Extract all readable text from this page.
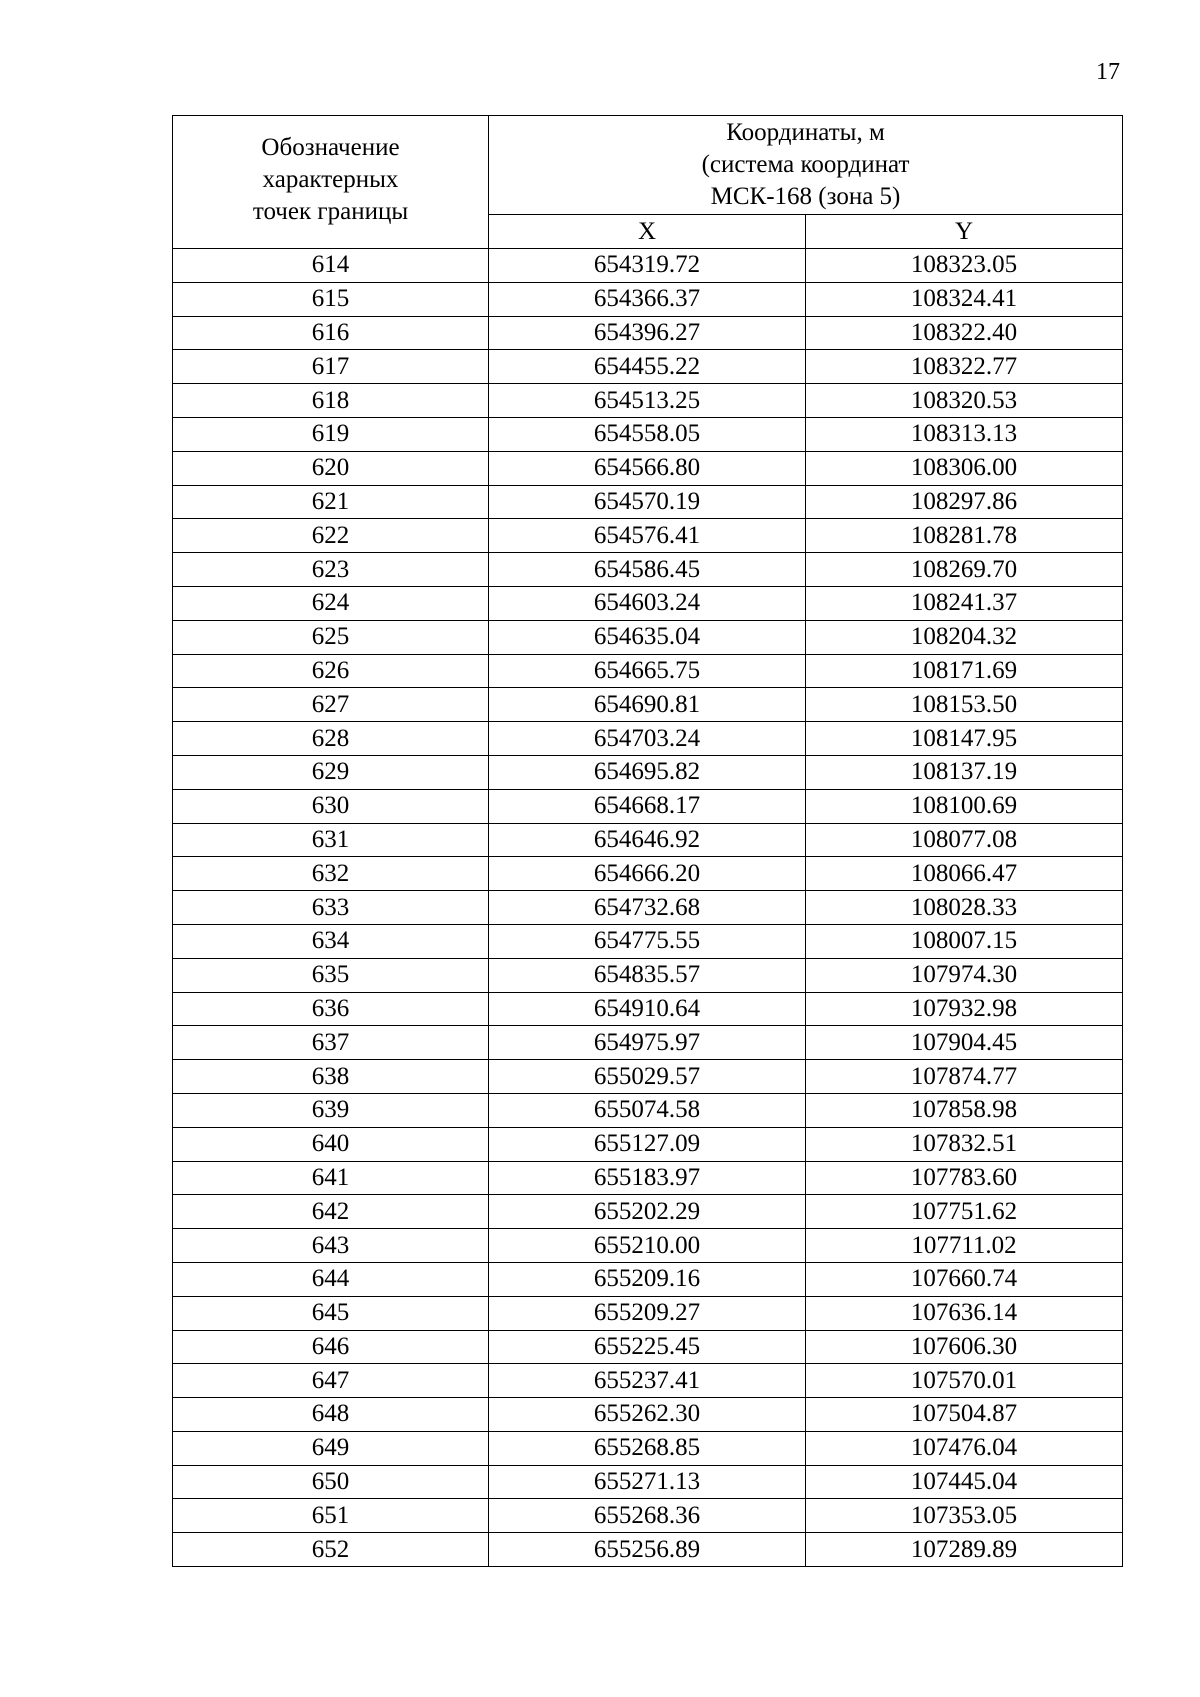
17
Обозначение
характерных
точек границы	Координаты, м
(система координат
МСК-168 (зона 5)	

	X	Y
614	654319.72	108323.05
615	654366.37	108324.41
616	654396.27	108322.40
617	654455.22	108322.77
618	654513.25	108320.53
619	654558.05	108313.13
620	654566.80	108306.00
621	654570.19	108297.86
622	654576.41	108281.78
623	654586.45	108269.70
624	654603.24	108241.37
625	654635.04	108204.32
626	654665.75	108171.69
627	654690.81	108153.50
628	654703.24	108147.95
629	654695.82	108137.19
630	654668.17	108100.69
631	654646.92	108077.08
632	654666.20	108066.47
633	654732.68	108028.33
634	654775.55	108007.15
635	654835.57	107974.30
636	654910.64	107932.98
637	654975.97	107904.45
638	655029.57	107874.77
639	655074.58	107858.98
640	655127.09	107832.51
641	655183.97	107783.60
642	655202.29	107751.62
643	655210.00	107711.02
644	655209.16	107660.74
645	655209.27	107636.14
646	655225.45	107606.30
647	655237.41	107570.01
648	655262.30	107504.87
649	655268.85	107476.04
650	655271.13	107445.04
651	655268.36	107353.05
652	655256.89	107289.89
